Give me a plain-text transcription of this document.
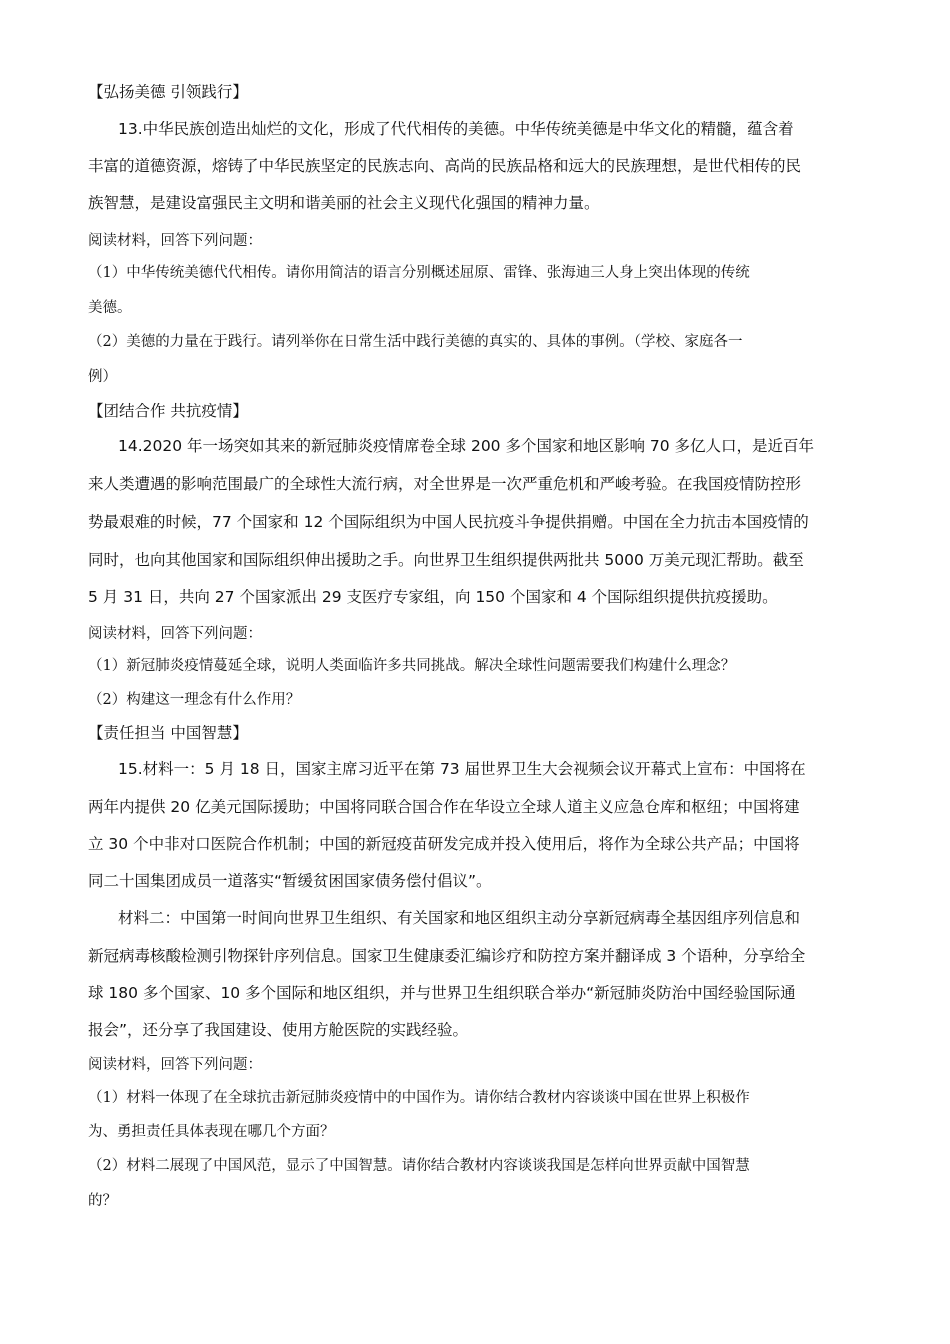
【弘扬美德 引领践行】
13.中华民族创造出灿烂的文化，形成了代代相传的美德。中华传统美德是中华文化的精髓，蕴含着
丰富的道德资源，熔铸了中华民族坚定的民族志向、高尚的民族品格和远大的民族理想，是世代相传的民
族智慧，是建设富强民主文明和谐美丽的社会主义现代化强国的精神力量。
阅读材料，回答下列问题：
（1）中华传统美德代代相传。请你用简洁的语言分别概述屈原、雷锋、张海迪三人身上突出体现的传统
美德。
（2）美德的力量在于践行。请列举你在日常生活中践行美德的真实的、具体的事例。（学校、家庭各一
例）
【团结合作 共抗疫情】
14.2020 年一场突如其来的新冠肺炎疫情席卷全球 200 多个国家和地区影响 70 多亿人口，是近百年
来人类遭遇的影响范围最广的全球性大流行病，对全世界是一次严重危机和严峻考验。在我国疫情防控形
势最艰难的时候，77 个国家和 12 个国际组织为中国人民抗疫斗争提供捐赠。中国在全力抗击本国疫情的
同时，也向其他国家和国际组织伸出援助之手。向世界卫生组织提供两批共 5000 万美元现汇帮助。截至
5 月 31 日，共向 27 个国家派出 29 支医疗专家组，向 150 个国家和 4 个国际组织提供抗疫援助。
阅读材料，回答下列问题：
（1）新冠肺炎疫情蔓延全球，说明人类面临许多共同挑战。解决全球性问题需要我们构建什么理念？
（2）构建这一理念有什么作用？
【责任担当 中国智慧】
15.材料一：5 月 18 日，国家主席习近平在第 73 届世界卫生大会视频会议开幕式上宣布：中国将在
两年内提供 20 亿美元国际援助；中国将同联合国合作在华设立全球人道主义应急仓库和枢纽；中国将建
立 30 个中非对口医院合作机制；中国的新冠疫苗研发完成并投入使用后，将作为全球公共产品；中国将
同二十国集团成员一道落实“暂缓贫困国家债务偿付倡议”。
材料二：中国第一时间向世界卫生组织、有关国家和地区组织主动分享新冠病毒全基因组序列信息和
新冠病毒核酸检测引物探针序列信息。国家卫生健康委汇编诊疗和防控方案并翻译成 3 个语种，分享给全
球 180 多个国家、10 多个国际和地区组织，并与世界卫生组织联合举办“新冠肺炎防治中国经验国际通
报会”，还分享了我国建设、使用方舱医院的实践经验。
阅读材料，回答下列问题：
（1）材料一体现了在全球抗击新冠肺炎疫情中的中国作为。请你结合教材内容谈谈中国在世界上积极作
为、勇担责任具体表现在哪几个方面？
（2）材料二展现了中国风范，显示了中国智慧。请你结合教材内容谈谈我国是怎样向世界贡献中国智慧
的？
